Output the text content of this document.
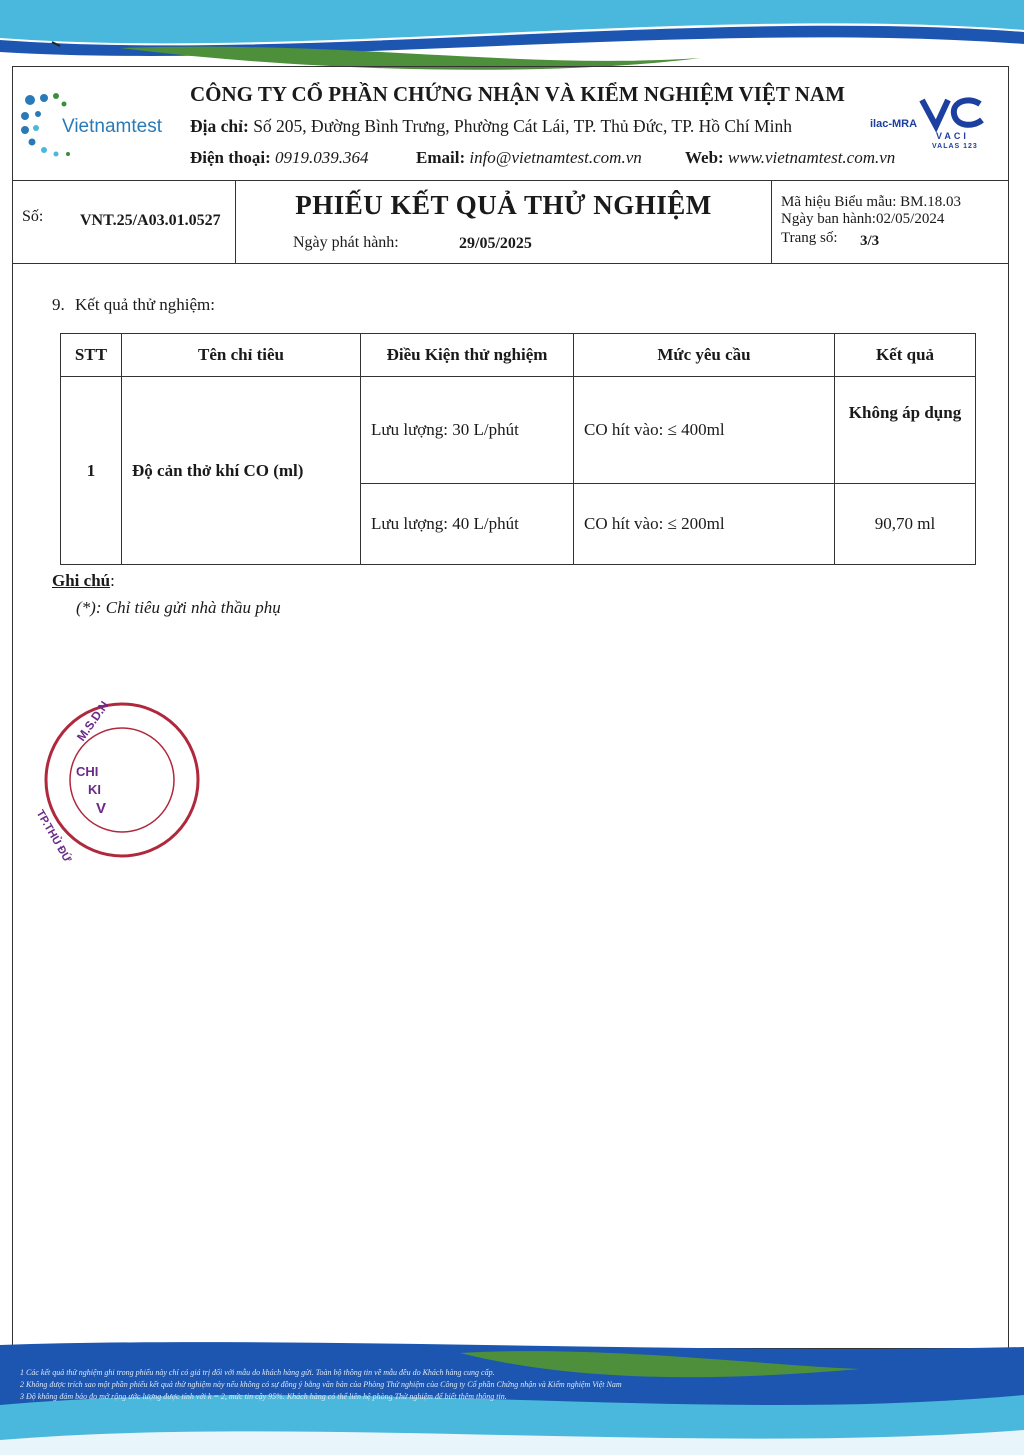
Vietnamtest
CÔNG TY CỔ PHẦN CHỨNG NHẬN VÀ KIỂM NGHIỆM VIỆT NAM
Địa chỉ: Số 205, Đường Bình Trưng, Phường Cát Lái, TP. Thủ Đức, TP. Hồ Chí Minh
Điện thoại: 0919.039.364	Email: info@vietnamtest.com.vn	Web: www.vietnamtest.com.vn
ilac-MRA
VACI
VALAS 123
Số: VNT.25/A03.01.0527
PHIẾU KẾT QUẢ THỬ NGHIỆM
Ngày phát hành:	29/05/2025
Mã hiệu Biểu mẫu: BM.18.03
Ngày ban hành:02/05/2024
Trang số: 3/3
9. Kết quả thử nghiệm:
STT	Tên chỉ tiêu	Điều Kiện thử nghiệm	Mức yêu cầu	Kết quả
1	Độ cản thở khí CO (ml)	Lưu lượng: 30 L/phút	CO hít vào: ≤ 400ml	Không áp dụng
		Lưu lượng: 40 L/phút	CO hít vào: ≤ 200ml	90,70 ml
Ghi chú:
(*): Chỉ tiêu gửi nhà thầu phụ
M.S.D.N
TP.THỦ ĐỨ
CHI
KI
V
1 Các kết quả thử nghiệm ghi trong phiếu này chỉ có giá trị đối với mẫu do khách hàng gửi. Toàn bộ thông tin về mẫu đều do Khách hàng cung cấp.
2 Không được trích sao một phần phiếu kết quả thử nghiệm này nếu không có sự đồng ý bằng văn bản của Phòng Thử nghiệm của Công ty Cổ phần Chứng nhận và Kiểm nghiệm Việt Nam
3 Độ không đảm bảo đo mở rộng ước lượng được tính với k = 2, mức tin cậy 95%. Khách hàng có thể liên hệ phòng Thử nghiệm để biết thêm thông tin.
